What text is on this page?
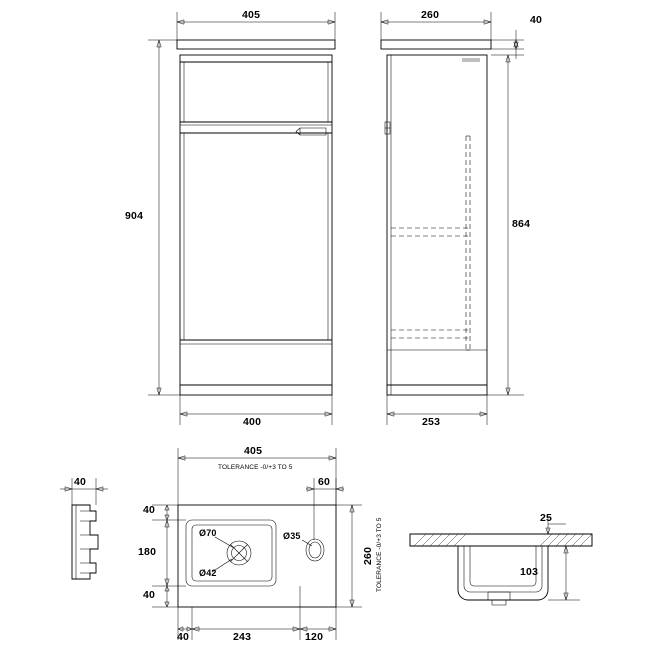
405	260	40
904
864
400	253
40
405
TOLERANCE -0/+3 TO 5
60
40
180
40
Ø70
Ø42
Ø35
260 TOLERANCE -0/+3 TO 5
40	243	120
25
103
